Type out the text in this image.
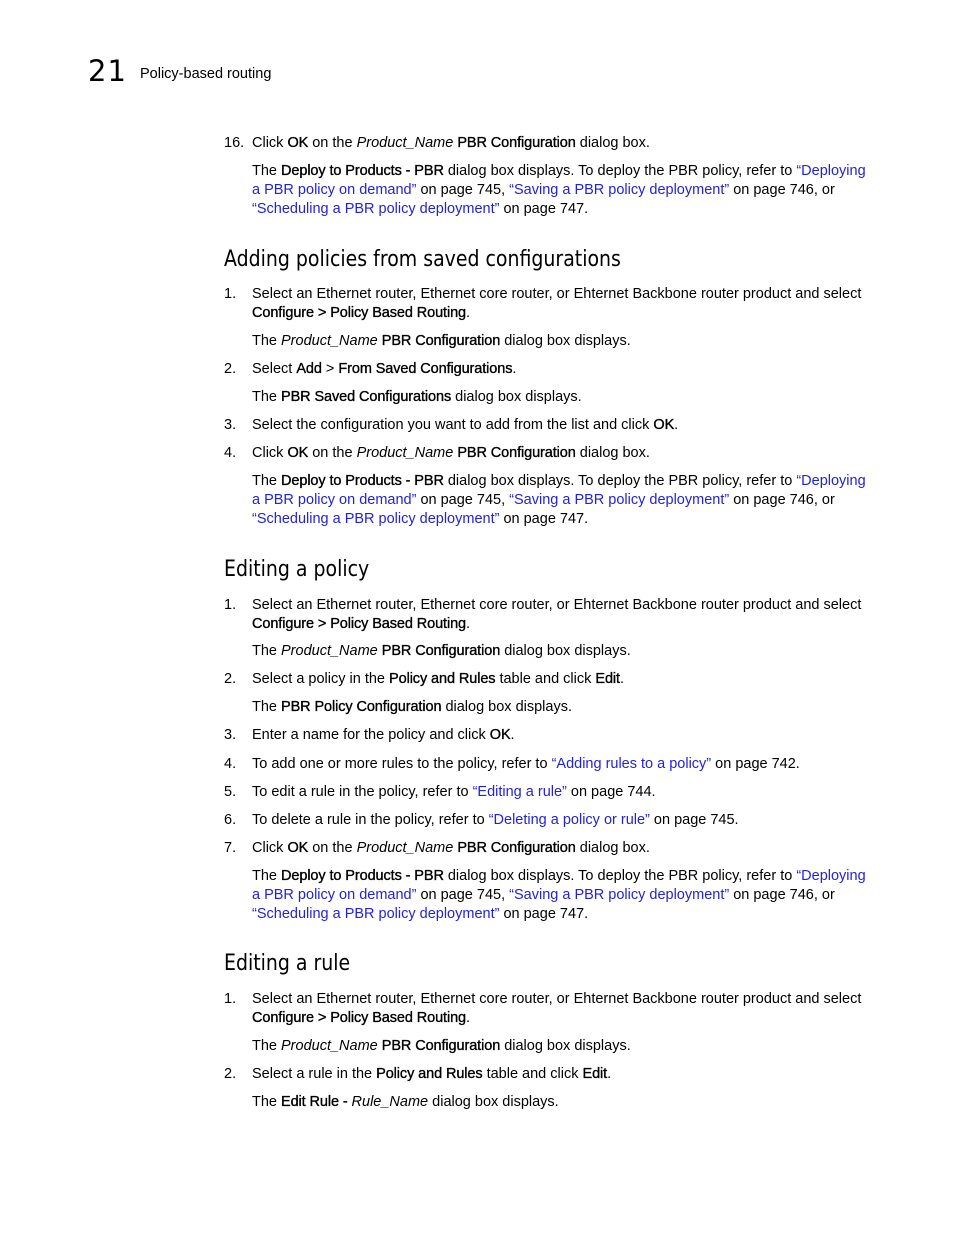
21 Policy-based routing
16. Click OK on the Product_Name PBR Configuration dialog box.
The Deploy to Products - PBR dialog box displays. To deploy the PBR policy, refer to “Deploying a PBR policy on demand” on page 745, “Saving a PBR policy deployment” on page 746, or “Scheduling a PBR policy deployment” on page 747.
Adding policies from saved configurations
1.	Select an Ethernet router, Ethernet core router, or Ehternet Backbone router product and select
Configure > Policy Based Routing.
The Product_Name PBR Configuration dialog box displays.
2.	Select Add > From Saved Configurations.
The PBR Saved Configurations dialog box displays.
3.	Select the configuration you want to add from the list and click OK.
4.	Click OK on the Product_Name PBR Configuration dialog box.
The Deploy to Products - PBR dialog box displays. To deploy the PBR policy, refer to “Deploying a PBR policy on demand” on page 745, “Saving a PBR policy deployment” on page 746, or “Scheduling a PBR policy deployment” on page 747.
Editing a policy
1.	Select an Ethernet router, Ethernet core router, or Ehternet Backbone router product and select
Configure > Policy Based Routing.
The Product_Name PBR Configuration dialog box displays.
2.	Select a policy in the Policy and Rules table and click Edit.
The PBR Policy Configuration dialog box displays.
3.	Enter a name for the policy and click OK.
4.	To add one or more rules to the policy, refer to “Adding rules to a policy” on page 742.
5.	To edit a rule in the policy, refer to “Editing a rule” on page 744.
6.	To delete a rule in the policy, refer to “Deleting a policy or rule” on page 745.
7.	Click OK on the Product_Name PBR Configuration dialog box.
The Deploy to Products - PBR dialog box displays. To deploy the PBR policy, refer to “Deploying a PBR policy on demand” on page 745, “Saving a PBR policy deployment” on page 746, or “Scheduling a PBR policy deployment” on page 747.
Editing a rule
1.	Select an Ethernet router, Ethernet core router, or Ehternet Backbone router product and select
Configure > Policy Based Routing.
The Product_Name PBR Configuration dialog box displays.
2.	Select a rule in the Policy and Rules table and click Edit.
The Edit Rule - Rule_Name dialog box displays.
